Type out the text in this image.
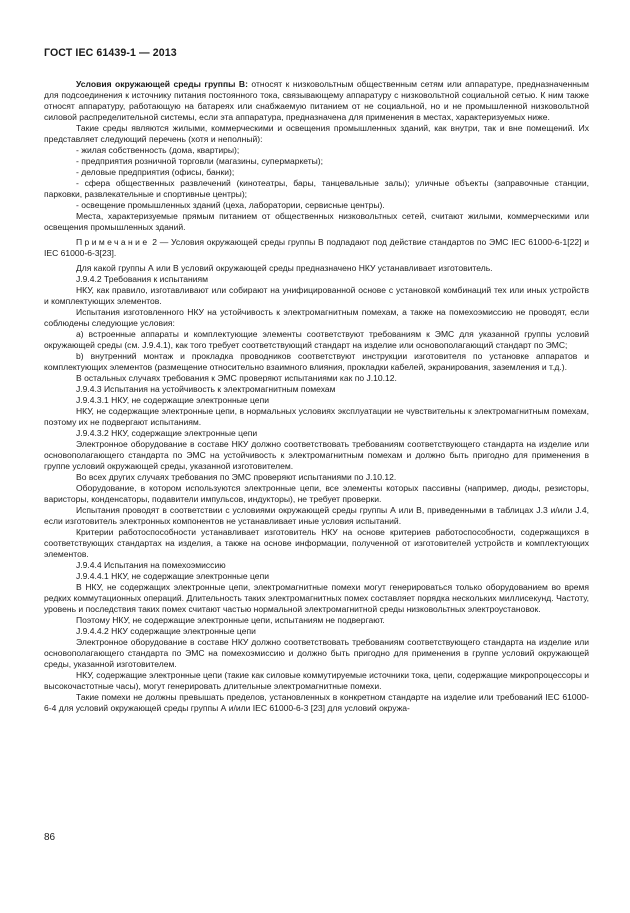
ГОСТ IEC 61439-1 — 2013

Условия окружающей среды группы В: относят к низковольтным общественным сетям или аппаратуре, предназначенным для подсоединения к источнику питания постоянного тока, связывающему аппаратуру с низковольтной социальной сетью. К ним также относят аппаратуру, работающую на батареях или снабжаемую питанием от не социальной, но и не промышленной низковольтной силовой распределительной системы, если эта аппаратура, предназначена для применения в местах, характеризуемых ниже.

Такие среды являются жилыми, коммерческими и освещения промышленных зданий, как внутри, так и вне помещений. Их представляет следующий перечень (хотя и неполный):

- жилая собственность (дома, квартиры);

- предприятия розничной торговли (магазины, супермаркеты);

- деловые предприятия (офисы, банки);

- сфера общественных развлечений (кинотеатры, бары, танцевальные залы); уличные объекты (заправочные станции, парковки, развлекательные и спортивные центры);

- освещение промышленных зданий (цеха, лаборатории, сервисные центры).

Места, характеризуемые прямым питанием от общественных низковольтных сетей, считают жилыми, коммерческими или освещения промышленных зданий.

Примечание 2 — Условия окружающей среды группы В подпадают под действие стандартов по ЭМС IEC 61000-6-1[22] и IEC 61000-6-3[23].

Для какой группы А или В условий окружающей среды предназначено НКУ устанавливает изготовитель.

J.9.4.2 Требования к испытаниям

НКУ, как правило, изготавливают или собирают на унифицированной основе с установкой комбинаций тех или иных устройств и комплектующих элементов.

Испытания изготовленного НКУ на устойчивость к электромагнитным помехам, а также на помехоэмиссию не проводят, если соблюдены следующие условия:

а) встроенные аппараты и комплектующие элементы соответствуют требованиям к ЭМС для указанной группы условий окружающей среды (см. J.9.4.1), как того требует соответствующий стандарт на изделие или основополагающий стандарт по ЭМС;

b) внутренний монтаж и прокладка проводников соответствуют инструкции изготовителя по установке аппаратов и комплектующих элементов (размещение относительно взаимного влияния, прокладки кабелей, экранирования, заземления и т.д.).

В остальных случаях требования к ЭМС проверяют испытаниями как по J.10.12.

J.9.4.3 Испытания на устойчивость к электромагнитным помехам

J.9.4.3.1 НКУ, не содержащие электронные цепи

НКУ, не содержащие электронные цепи, в нормальных условиях эксплуатации не чувствительны к электромагнитным помехам, поэтому их не подвергают испытаниям.

J.9.4.3.2 НКУ, содержащие электронные цепи

Электронное оборудование в составе НКУ должно соответствовать требованиям соответствующего стандарта на изделие или основополагающего стандарта по ЭМС на устойчивость к электромагнитным помехам и должно быть пригодно для применения в группе условий окружающей среды, указанной изготовителем.

Во всех других случаях требования по ЭМС проверяют испытаниями по J.10.12.

Оборудование, в котором используются электронные цепи, все элементы которых пассивны (например, диоды, резисторы, варисторы, конденсаторы, подавители импульсов, индукторы), не требует проверки.

Испытания проводят в соответствии с условиями окружающей среды группы А или В, приведенными в таблицах J.3 и/или J.4, если изготовитель электронных компонентов не устанавливает иные условия испытаний.

Критерии работоспособности устанавливает изготовитель НКУ на основе критериев работоспособности, содержащихся в соответствующих стандартах на изделия, а также на основе информации, полученной от изготовителей устройств и комплектующих элементов.

J.9.4.4 Испытания на помехоэмиссию

J.9.4.4.1 НКУ, не содержащие электронные цепи

В НКУ, не содержащих электронные цепи, электромагнитные помехи могут генерироваться только оборудованием во время редких коммутационных операций. Длительность таких электромагнитных помех составляет порядка нескольких миллисекунд. Частоту, уровень и последствия таких помех считают частью нормальной электромагнитной среды низковольтных электроустановок.

Поэтому НКУ, не содержащие электронные цепи, испытаниям не подвергают.

J.9.4.4.2 НКУ содержащие электронные цепи

Электронное оборудование в составе НКУ должно соответствовать требованиям соответствующего стандарта на изделие или основополагающего стандарта по ЭМС на помехоэмиссию и должно быть пригодно для применения в группе условий окружающей среды, указанной изготовителем.

НКУ, содержащие электронные цепи (такие как силовые коммутируемые источники тока, цепи, содержащие микропроцессоры и высокочастотные часы), могут генерировать длительные электромагнитные помехи.

Такие помехи не должны превышать пределов, установленных в конкретном стандарте на изделие или требований IEC 61000-6-4 для условий окружающей среды группы А и/или IEC 61000-6-3 [23] для условий окружа-

86
